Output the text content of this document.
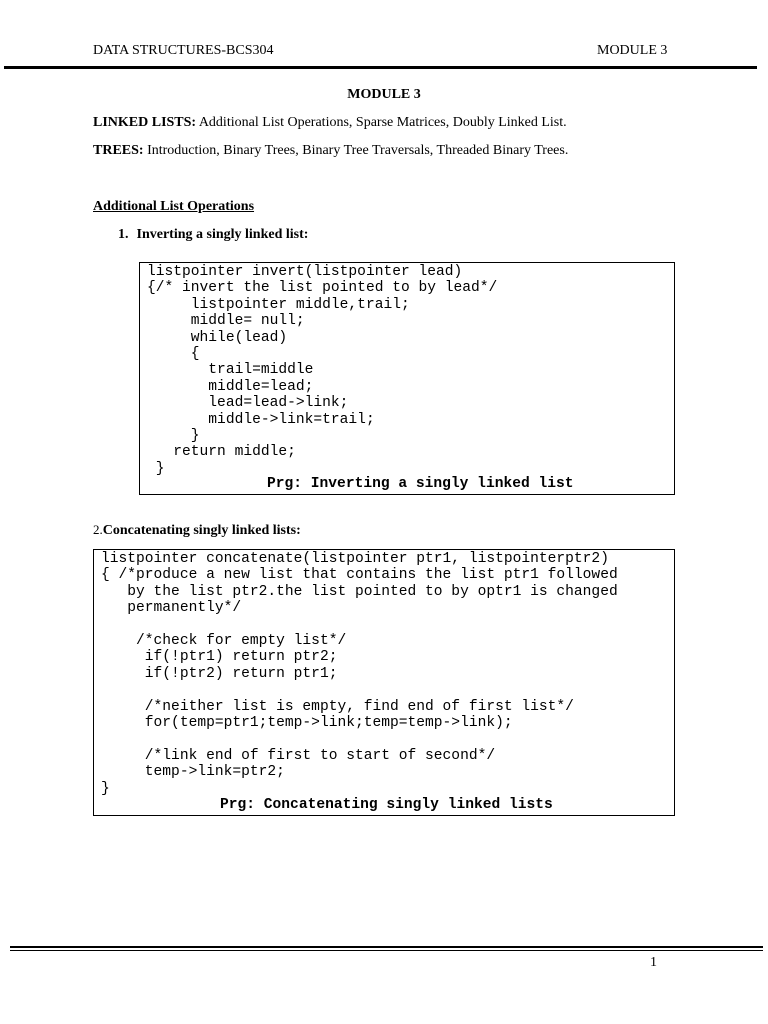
DATA STRUCTURES-BCS304	MODULE 3
MODULE 3
LINKED LISTS: Additional List Operations, Sparse Matrices, Doubly Linked List.
TREES: Introduction, Binary Trees, Binary Tree Traversals, Threaded Binary Trees.
Additional List Operations
1. Inverting a singly linked list:
listpointer invert(listpointer lead)
{/* invert the list pointed to by lead*/
listpointer middle,trail;
middle= null;
while(lead)
{
trail=middle
middle=lead;
lead=lead->link;
middle->link=trail;
}
return middle;
}
Prg: Inverting a singly linked list
2.Concatenating singly linked lists:
listpointer concatenate(listpointer ptr1, listpointerptr2)
{ /*produce a new list that contains the list ptr1 followed
by the list ptr2.the list pointed to by optr1 is changed
permanently*/

/*check for empty list*/
if(!ptr1) return ptr2;
if(!ptr2) return ptr1;

/*neither list is empty, find end of first list*/
for(temp=ptr1;temp->link;temp=temp->link);

/*link end of first to start of second*/
temp->link=ptr2;
}
Prg: Concatenating singly linked lists
1
